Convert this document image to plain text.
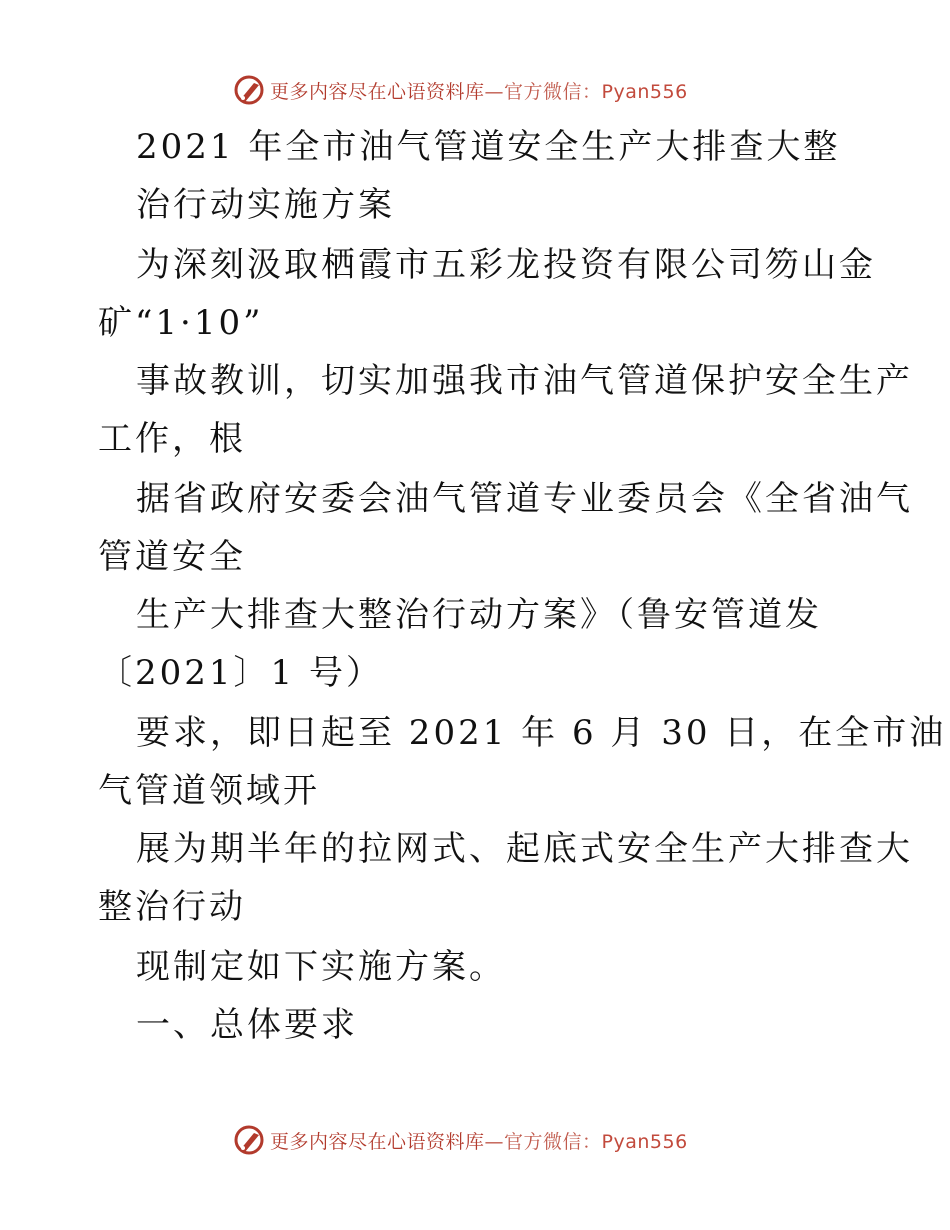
更多内容尽在心语资料库—官方微信：Pyan556
2021 年全市油气管道安全生产大排查大整
治行动实施方案
为深刻汲取栖霞市五彩龙投资有限公司笏山金
矿“1·10”
事故教训，切实加强我市油气管道保护安全生产
工作，根
据省政府安委会油气管道专业委员会《全省油气
管道安全
生产大排查大整治行动方案》（鲁安管道发
〔2021〕1 号）
要求，即日起至 2021 年 6 月 30 日，在全市油
气管道领域开
展为期半年的拉网式、起底式安全生产大排查大
整治行动
现制定如下实施方案。
一、总体要求
更多内容尽在心语资料库—官方微信：Pyan556
